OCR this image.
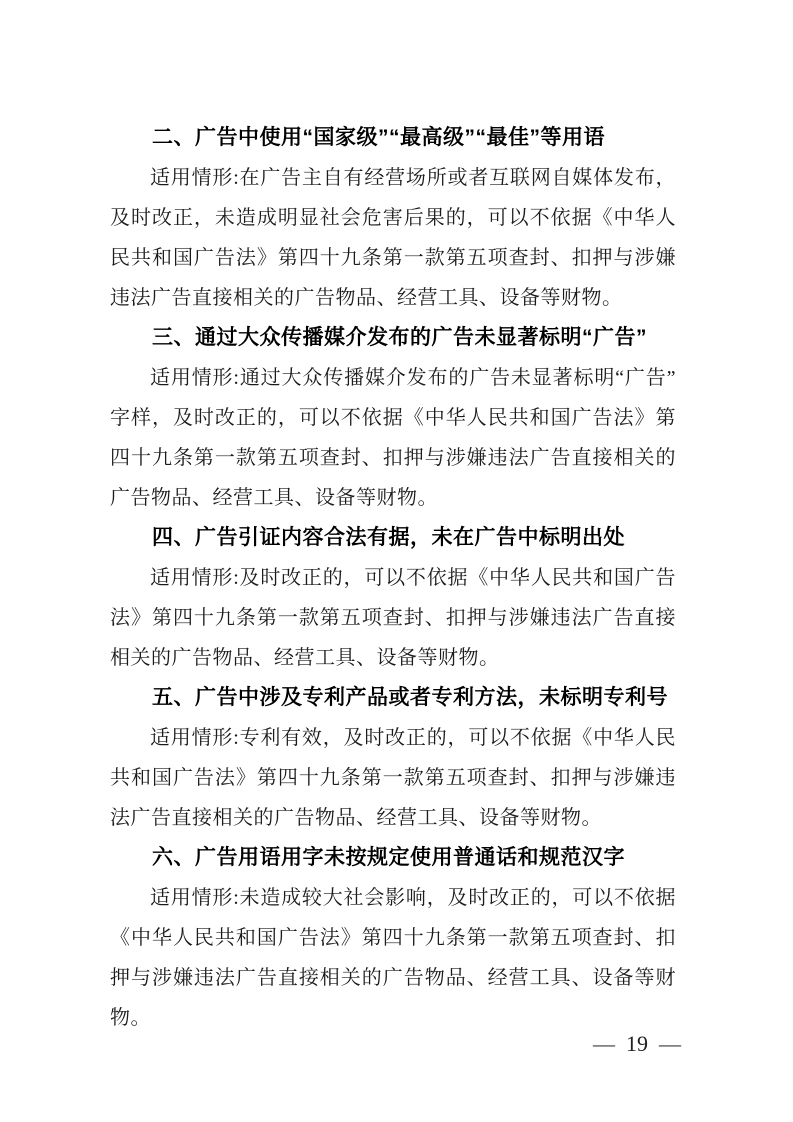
二、广告中使用“国家级”“最高级”“最佳”等用语

适用情形:在广告主自有经营场所或者互联网自媒体发布，及时改正，未造成明显社会危害后果的，可以不依据《中华人民共和国广告法》第四十九条第一款第五项查封、扣押与涉嫌违法广告直接相关的广告物品、经营工具、设备等财物。

三、通过大众传播媒介发布的广告未显著标明“广告”

适用情形:通过大众传播媒介发布的广告未显著标明“广告”字样，及时改正的，可以不依据《中华人民共和国广告法》第四十九条第一款第五项查封、扣押与涉嫌违法广告直接相关的广告物品、经营工具、设备等财物。

四、广告引证内容合法有据，未在广告中标明出处

适用情形:及时改正的，可以不依据《中华人民共和国广告法》第四十九条第一款第五项查封、扣押与涉嫌违法广告直接相关的广告物品、经营工具、设备等财物。

五、广告中涉及专利产品或者专利方法，未标明专利号

适用情形:专利有效，及时改正的，可以不依据《中华人民共和国广告法》第四十九条第一款第五项查封、扣押与涉嫌违法广告直接相关的广告物品、经营工具、设备等财物。

六、广告用语用字未按规定使用普通话和规范汉字

适用情形:未造成较大社会影响，及时改正的，可以不依据《中华人民共和国广告法》第四十九条第一款第五项查封、扣押与涉嫌违法广告直接相关的广告物品、经营工具、设备等财物。

— 19 —
